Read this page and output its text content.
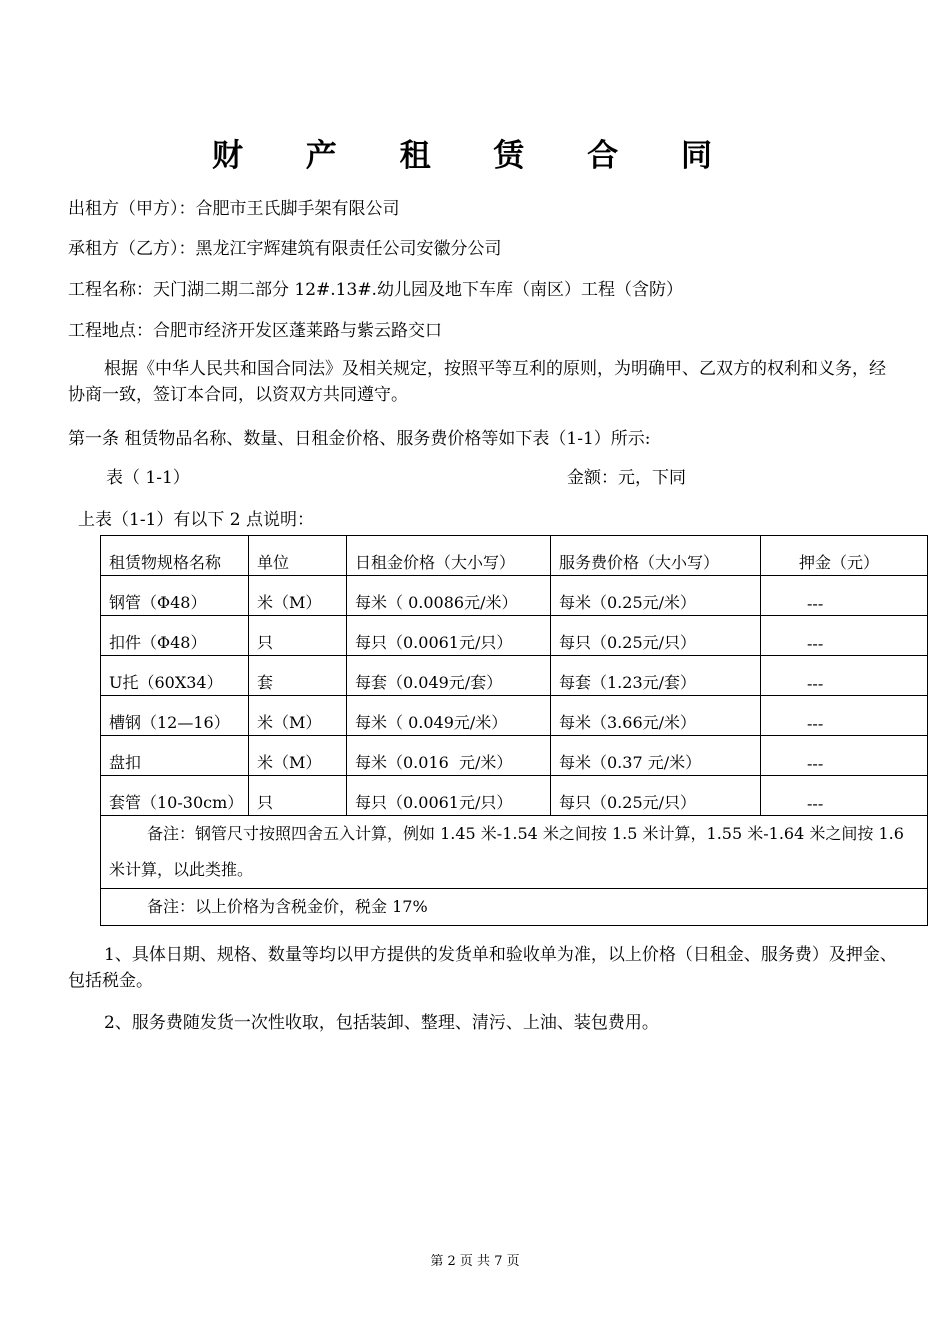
财 产 租 赁 合 同
出租方（甲方）：合肥市王氏脚手架有限公司
承租方（乙方）：黑龙江宇辉建筑有限责任公司安徽分公司
工程名称：天门湖二期二部分 12#.13#.幼儿园及地下车库（南区）工程（含防）
工程地点：合肥市经济开发区蓬莱路与紫云路交口
根据《中华人民共和国合同法》及相关规定，按照平等互利的原则，为明确甲、乙双方的权利和义务，经协商一致，签订本合同，以资双方共同遵守。
第一条 租赁物品名称、数量、日租金价格、服务费价格等如下表（1-1）所示:
表（ 1-1）	金额：元，下同
上表（1-1）有以下 2 点说明：
租赁物规格名称	单位	日租金价格（大小写）	服务费价格（大小写）	押金（元）
钢管（Φ48）	米（M）	每米（ 0.0086元/米）	每米（0.25元/米）	---
扣件（Φ48）	只	每只（0.0061元/只）	每只（0.25元/只）	---
U托（60X34）	套	每套（0.049元/套）	每套（1.23元/套）	---
槽钢（12—16）	米（M）	每米（ 0.049元/米）	每米（3.66元/米）	---
盘扣	米（M）	每米（0.016  元/米）	每米（0.37 元/米）	---
套管（10-30cm）	只	每只（0.0061元/只）	每只（0.25元/只）	---
备注：钢管尺寸按照四舍五入计算，例如 1.45 米-1.54 米之间按 1.5 米计算，1.55 米-1.64 米之间按 1.6 米计算，以此类推。				
备注：以上价格为含税金价，税金 17%				
1、具体日期、规格、数量等均以甲方提供的发货单和验收单为准，以上价格（日租金、服务费）及押金、包括税金。
2、服务费随发货一次性收取，包括装卸、整理、清污、上油、装包费用。
第 2 页 共 7 页
